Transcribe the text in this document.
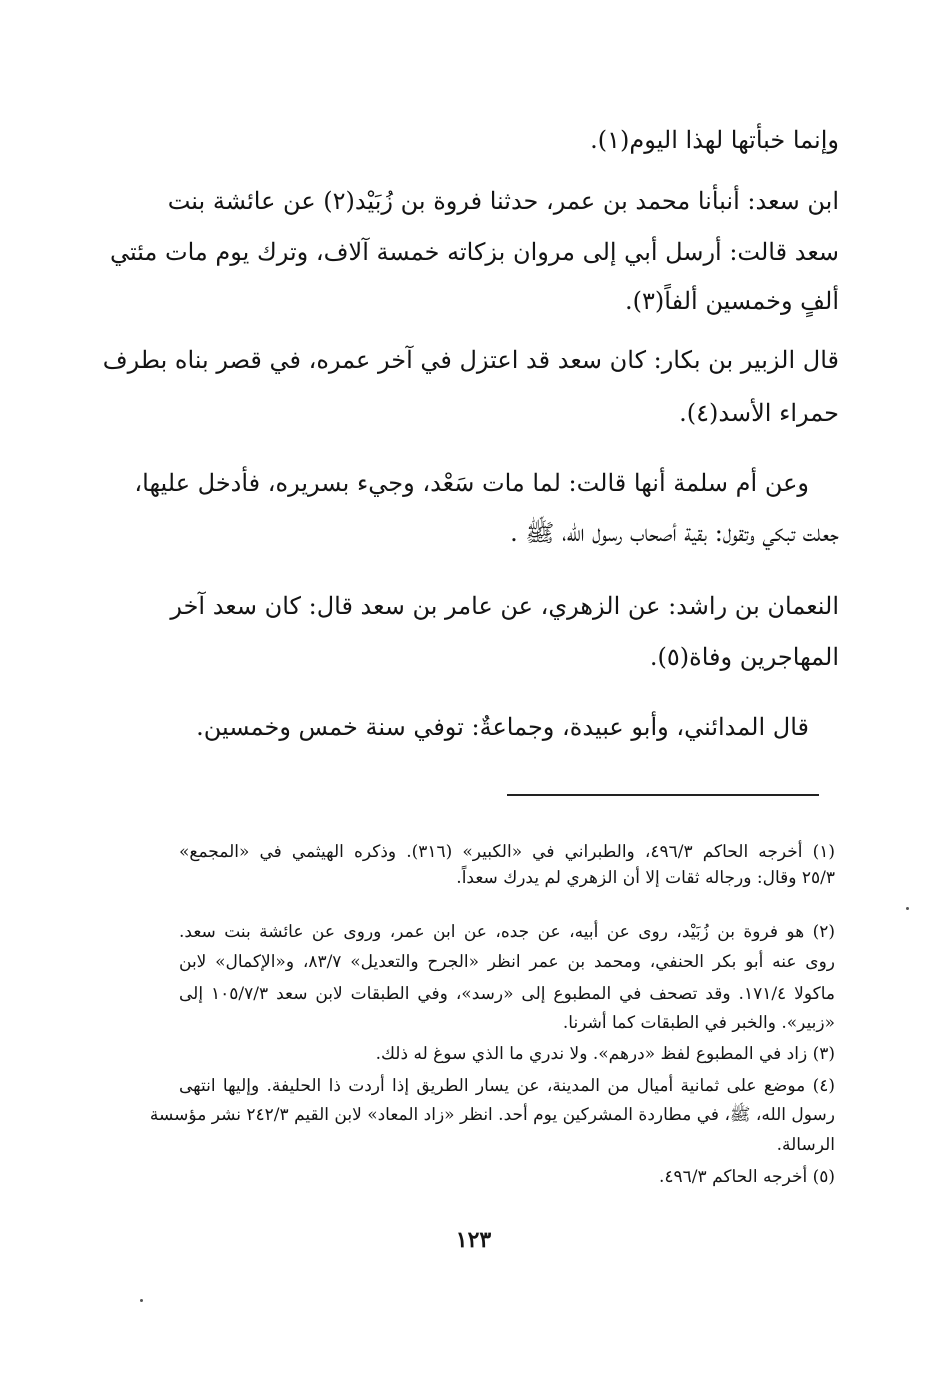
وإنما خبأتها لهذا اليوم(١).
ابن سعد: أنبأنا محمد بن عمر، حدثنا فروة بن زُبَيْد(٢) عن عائشة بنت
سعد قالت: أرسل أبي إلى مروان بزكاته خمسة آلاف، وترك يوم مات مئتي
ألفٍ وخمسين ألفاً(٣).
قال الزبير بن بكار: كان سعد قد اعتزل في آخر عمره، في قصر بناه بطرف
حمراء الأسد(٤).
وعن أم سلمة أنها قالت: لما مات سَعْد، وجيء بسريره، فأدخل عليها،
جعلت تبكي وتقول: بقية أصحاب رسول الله، ﷺ .
النعمان بن راشد: عن الزهري، عن عامر بن سعد قال: كان سعد آخر
المهاجرين وفاة(٥).
قال المدائني، وأبو عبيدة، وجماعةٌ: توفي سنة خمس وخمسين.
(١) أخرجه الحاكم ٤٩٦/٣، والطبراني في «الكبير» (٣١٦). وذكره الهيثمي في «المجمع»
٢٥/٣ وقال: ورجاله ثقات إلا أن الزهري لم يدرك سعداً.
(٢) هو فروة بن زُبَيْد، روى عن أبيه، عن جده، عن ابن عمر، وروى عن عائشة بنت سعد.
روى عنه أبو بكر الحنفي، ومحمد بن عمر انظر «الجرح والتعديل» ٨٣/٧، و«الإكمال» لابن
ماكولا ١٧١/٤. وقد تصحف في المطبوع إلى «رسد»، وفي الطبقات لابن سعد ١٠٥/٧/٣ إلى
«زبير». والخبر في الطبقات كما أشرنا.
(٣) زاد في المطبوع لفظ «درهم». ولا ندري ما الذي سوغ له ذلك.
(٤) موضع على ثمانية أميال من المدينة، عن يسار الطريق إذا أردت ذا الحليفة. وإليها انتهى
رسول الله، ﷺ، في مطاردة المشركين يوم أحد. انظر «زاد المعاد» لابن القيم ٢٤٢/٣ نشر مؤسسة
الرسالة.
(٥) أخرجه الحاكم ٤٩٦/٣.
١٢٣
